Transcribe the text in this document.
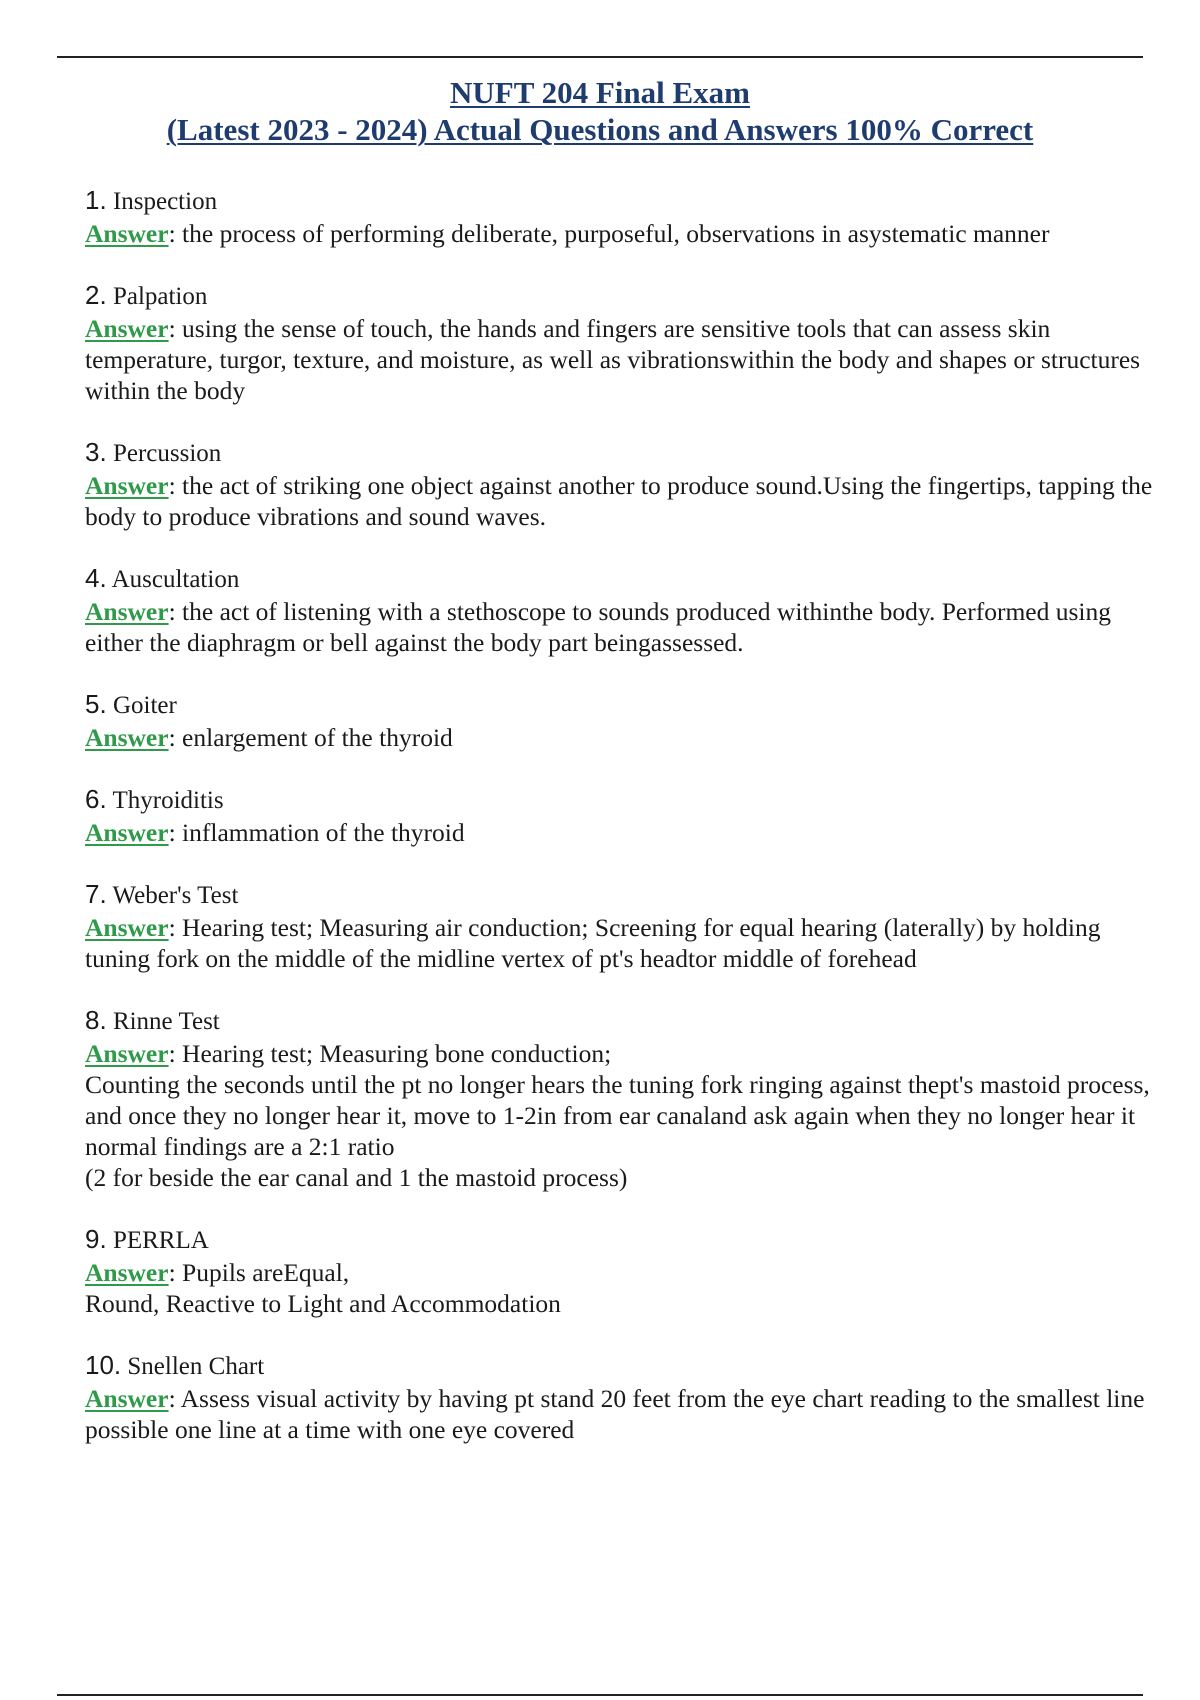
NUFT 204 Final Exam
(Latest 2023 - 2024) Actual Questions and Answers 100% Correct
1. Inspection
Answer: the process of performing deliberate, purposeful, observations in asystematic manner
2. Palpation
Answer: using the sense of touch, the hands and fingers are sensitive tools that can assess skin temperature, turgor, texture, and moisture, as well as vibrationswithin the body and shapes or structures within the body
3. Percussion
Answer: the act of striking one object against another to produce sound.Using the fingertips, tapping the body to produce vibrations and sound waves.
4. Auscultation
Answer: the act of listening with a stethoscope to sounds produced withinthe body. Performed using either the diaphragm or bell against the body part beingassessed.
5. Goiter
Answer: enlargement of the thyroid
6. Thyroiditis
Answer: inflammation of the thyroid
7. Weber's Test
Answer: Hearing test; Measuring air conduction; Screening for equal hearing (laterally) by holding tuning fork on the middle of the midline vertex of pt's headtor middle of forehead
8. Rinne Test
Answer: Hearing test; Measuring bone conduction;
Counting the seconds until the pt no longer hears the tuning fork ringing against thept's mastoid process, and once they no longer hear it, move to 1-2in from ear canaland ask again when they no longer hear it normal findings are a 2:1 ratio
(2 for beside the ear canal and 1 the mastoid process)
9. PERRLA
Answer: Pupils areEqual,
Round, Reactive to Light and Accommodation
10. Snellen Chart
Answer: Assess visual activity by having pt stand 20 feet from the eye chart reading to the smallest line possible one line at a time with one eye covered
